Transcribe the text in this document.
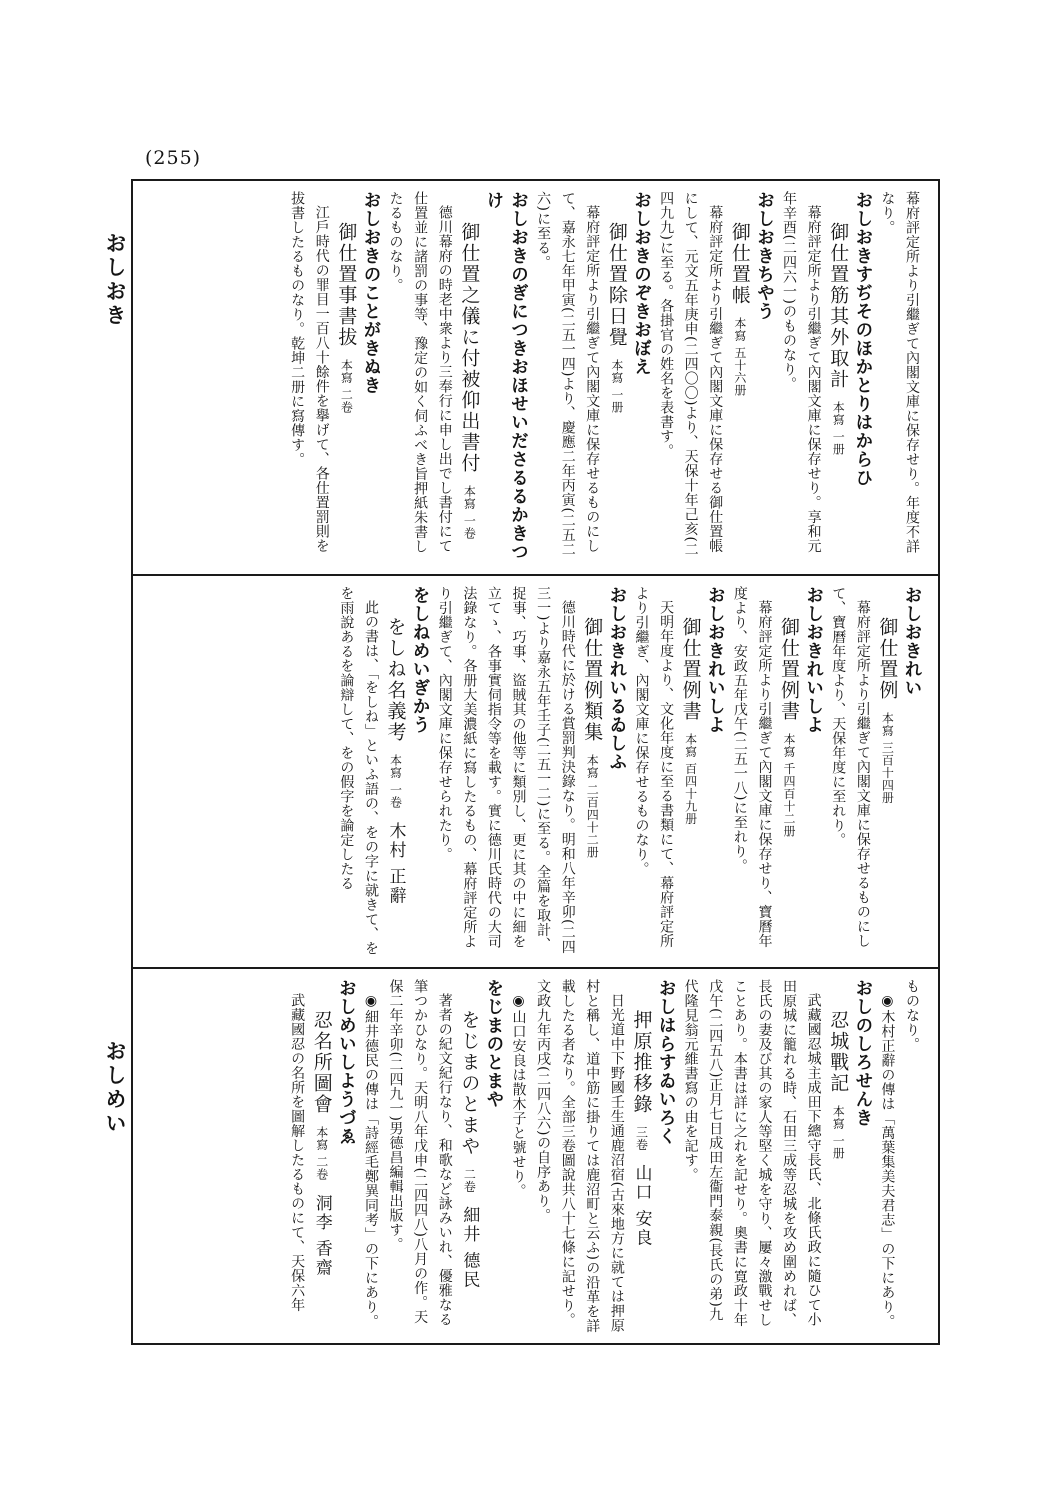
(255)
おしおき
おしめい
幕府評定所より引繼ぎて內閣文庫に保存せり。年度不詳なり。
おしおきすぢそのほかとりはからひ
御仕置筋其外取計本寫 一册
幕府評定所より引繼ぎて內閣文庫に保存せり。享和元年辛酉(二四六一)のものなり。
おしおきちやう
御仕置帳本寫 五十六册
幕府評定所より引繼ぎて內閣文庫に保存せる御仕置帳にして、元文五年庚申(二四〇〇)より、天保十年己亥(二四九九)に至る。各掛官の姓名を表書す。
おしおきのぞきおぼえ
御仕置除日覺本寫 一册
幕府評定所より引繼ぎて內閣文庫に保存せるものにして、嘉永七年甲寅(二五一四)より、慶應二年丙寅(二五二六)に至る。
おしおきのぎにつきおほせいださるるかきつけ
御仕置之儀に付被仰出書付本寫 一卷
德川幕府の時老中衆より三奉行に申し出でし書付にて仕置並に諸罰の事等、豫定の如く伺ふべき旨押紙朱書したるものなり。
おしおきのことがきぬき
御仕置事書拔本寫 二卷
江戶時代の罪目一百八十餘件を擧げて、各仕置罰則を拔書したるものなり。乾坤二册に寫傳す。
おしおきれい
御仕置例本寫 三百十四册
幕府評定所より引繼ぎて內閣文庫に保存せるものにして、寶曆年度より、天保年度に至れり。
おしおきれいしよ
御仕置例書本寫 千四百十二册
幕府評定所より引繼ぎて內閣文庫に保存せり、寶曆年度より、安政五年戊午(二五一八)に至れり。
おしおきれいしよ
御仕置例書本寫 百四十九册
天明年度より、文化年度に至る書類にて、幕府評定所より引繼ぎ、內閣文庫に保存せるものなり。
おしおきれいるゐしふ
御仕置例類集本寫 二百四十二册
德川時代に於ける賞罰判決錄なり。明和八年辛卯(二四三一)より嘉永五年壬子(二五一二)に至る。全篇を取計、捉事、巧事、盜賊其の他等に類別し、更に其の中に細を立てゝ、各事實伺指令等を載す。實に德川氏時代の大司法錄なり。各册大美濃紙に寫したるもの、幕府評定所より引繼ぎて、內閣文庫に保存せられたり。
をしねめいぎかう
をしね名義考本寫 一卷木村 正辭
此の書は、「をしね」といふ語の、をの字に就きて、をを雨說あるを論辯して、をの假字を論定したる
ものなり。
◉木村正辭の傳は「萬葉集美夫君志」の下にあり。
おしのしろせんき
忍城戰記本寫 一册
武藏國忍城主成田下總守長氏、北條氏政に隨ひて小田原城に籠れる時、石田三成等忍城を攻め圍めれば、長氏の妻及び其の家人等堅く城を守り、屢々激戰せしことあり。本書は詳に之れを記せり。奧書に寛政十年戊午(二四五八)正月七日成田左衞門泰親(長氏の弟)九代隆見翁元維書寫の由を記す。
おしはらすゐいろく
押原推移錄三卷山口 安良
日光道中下野國壬生通鹿沼宿(古來地方に就ては押原村と稱し、道中筋に掛りては鹿沼町と云ふ)の沿革を詳載したる者なり。全部三卷圖說共八十七條に記せり。文政九年丙戌(二四八六)の自序あり。
◉山口安良は散木子と號せり。
をじまのとまや
をじまのとまや二卷細井 德民
著者の紀文紀行なり、和歌など詠みいれ、優雅なる筆つかひなり。天明八年戊申(二四四八)八月の作。天保二年辛卯(二四九一)男德昌編輯出版す。
◉細井德民の傳は「詩經毛鄭異同考」の下にあり。
おしめいしようづゑ
忍名所圖會本寫 二卷洞李 香齋
武藏國忍の名所を圖解したるものにて、天保六年
